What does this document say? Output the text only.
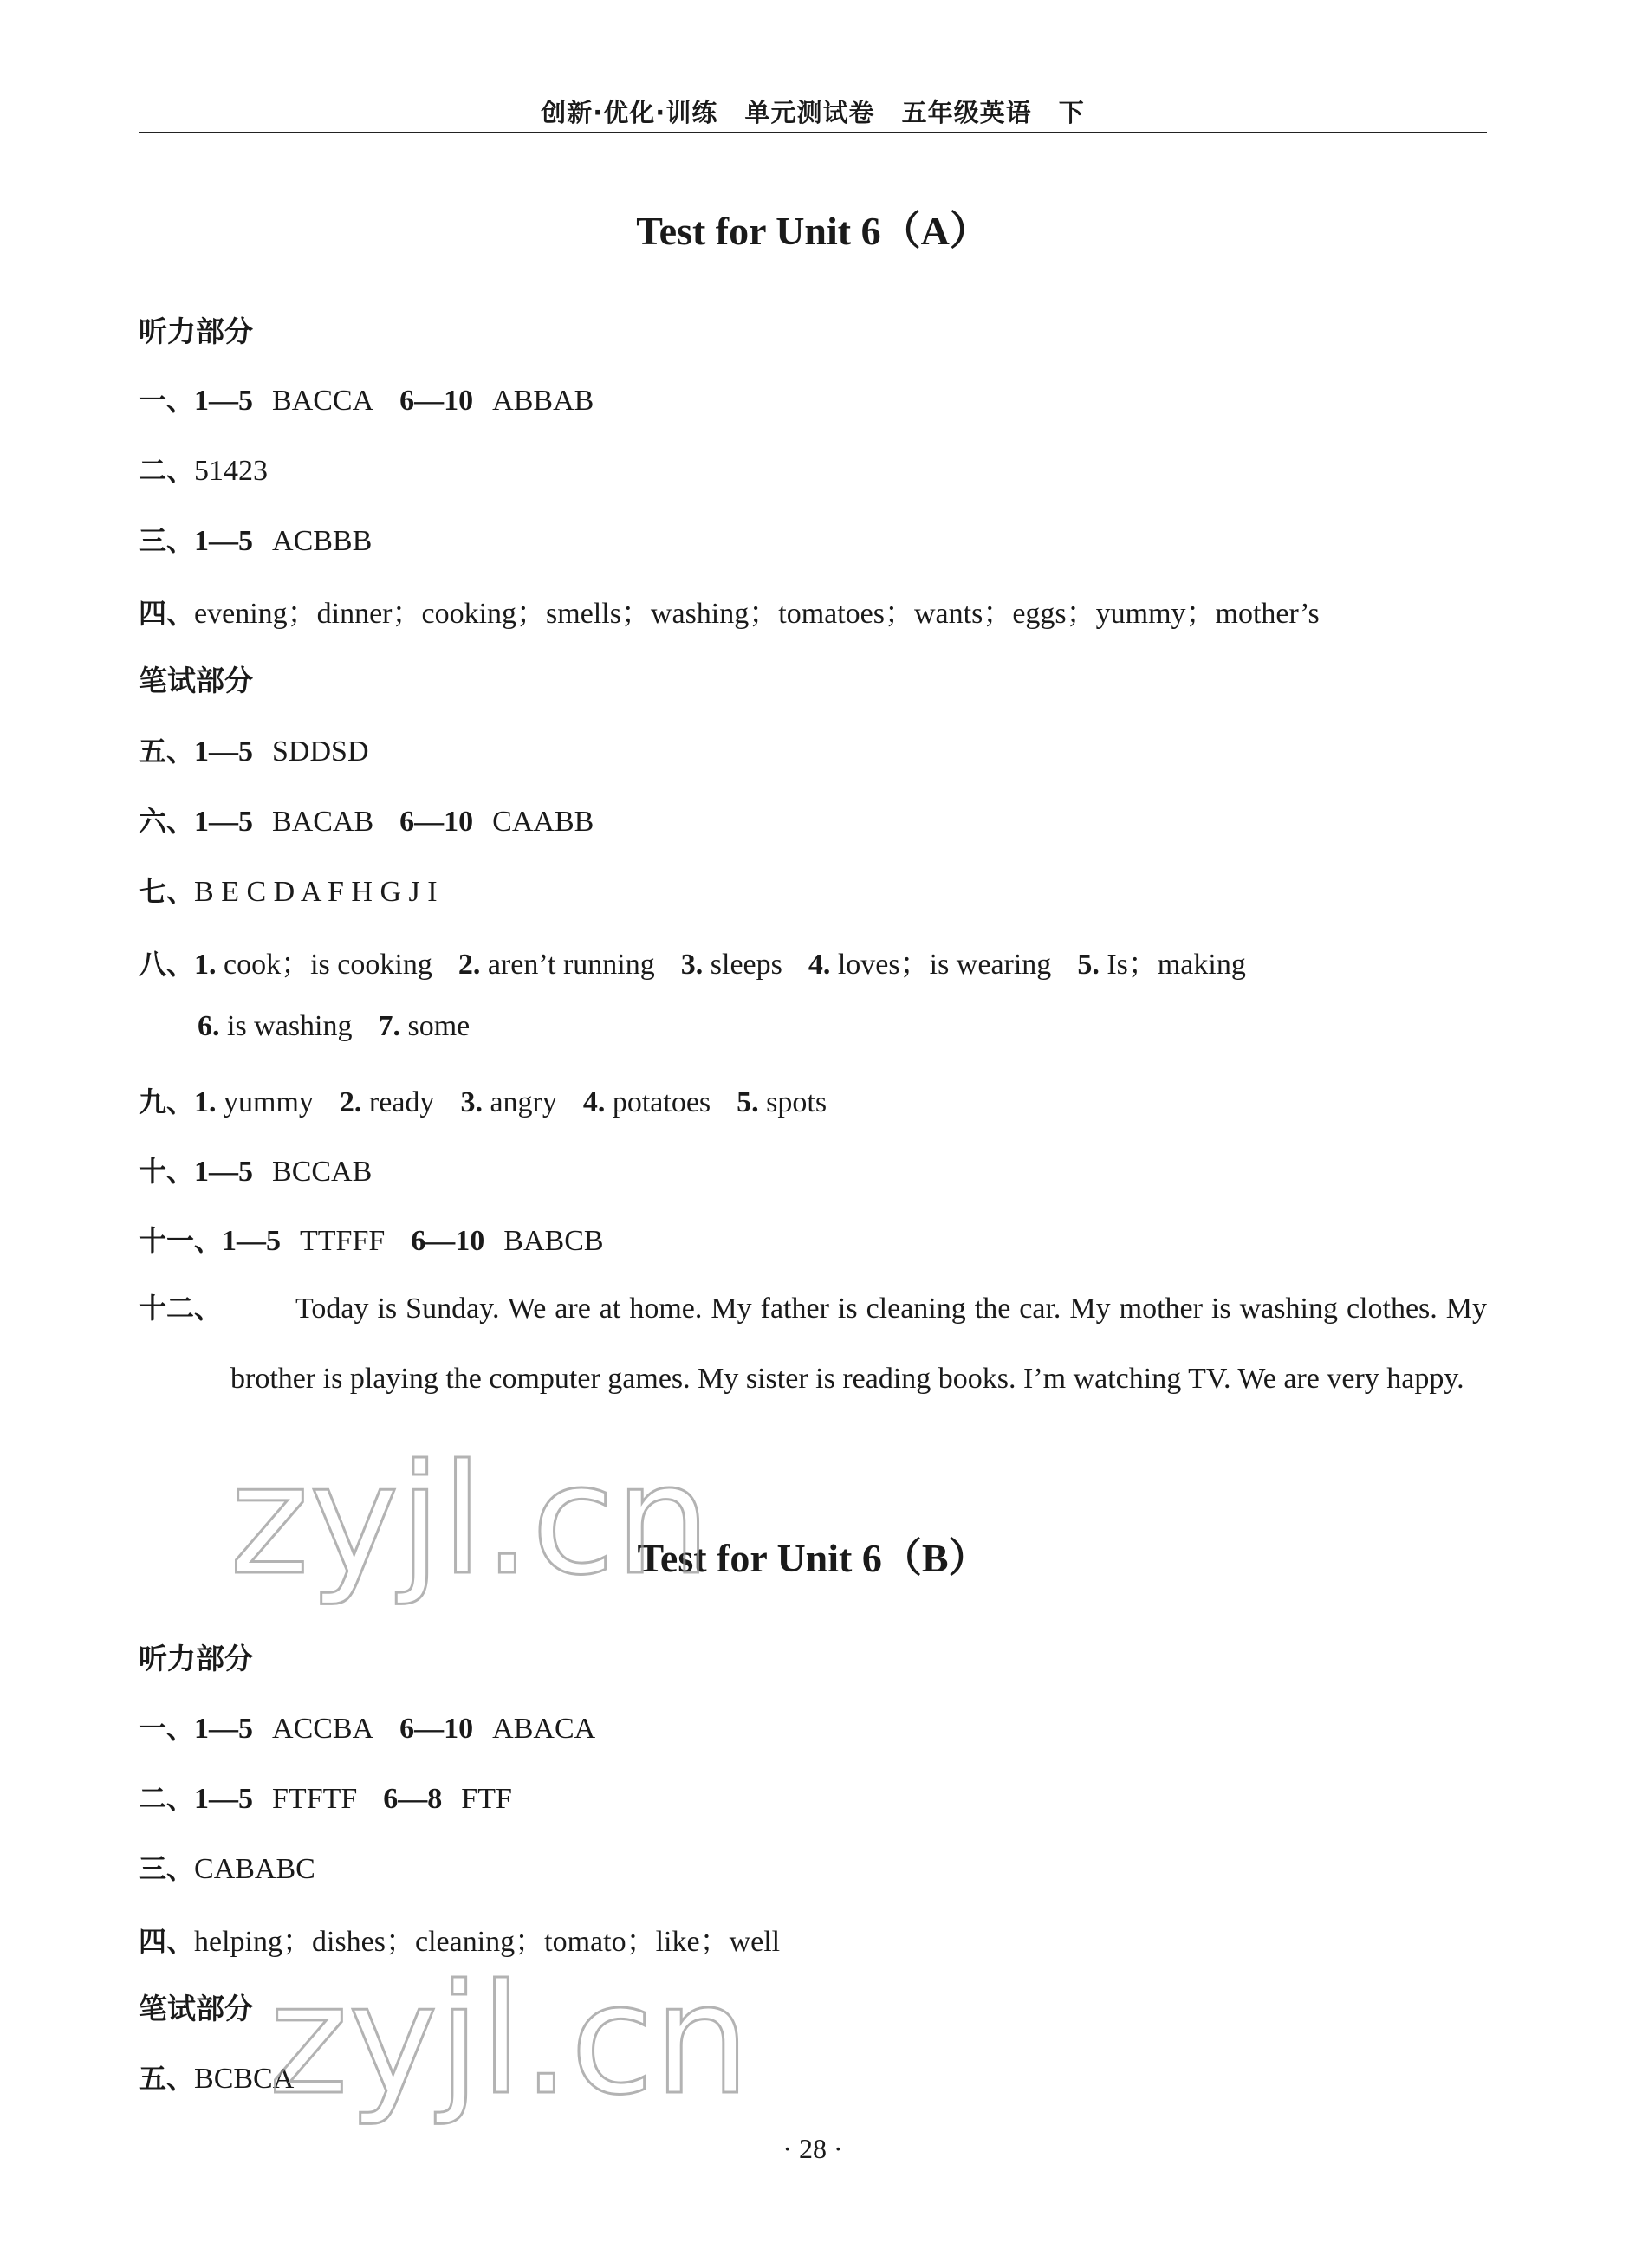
创新·优化·训练 单元测试卷 五年级英语 下
Test for Unit 6（A）
听力部分
一、1—5 BACCA 6—10 ABBAB
二、51423
三、1—5 ACBBB
四、evening；dinner；cooking；smells；washing；tomatoes；wants；eggs；yummy；mother’s
笔试部分
五、1—5 SDDSD
六、1—5 BACAB 6—10 CAABB
七、B E C D A F H G J I
八、1. cook；is cooking 2. aren’t running 3. sleeps 4. loves；is wearing 5. Is；making
6. is washing 7. some
九、1. yummy 2. ready 3. angry 4. potatoes 5. spots
十、1—5 BCCAB
十一、1—5 TTFFF 6—10 BABCB
十二、	Today is Sunday. We are at home. My father is cleaning the car. My mother is washing clothes. My brother is playing the computer games. My sister is reading books. I’m watching TV. We are very happy.
Test for Unit 6（B）
听力部分
一、1—5 ACCBA 6—10 ABACA
二、1—5 FTFTF 6—8 FTF
三、CABABC
四、helping；dishes；cleaning；tomato；like；well
笔试部分
五、BCBCA
· 28 ·
zyjl.cn
zyjl.cn
